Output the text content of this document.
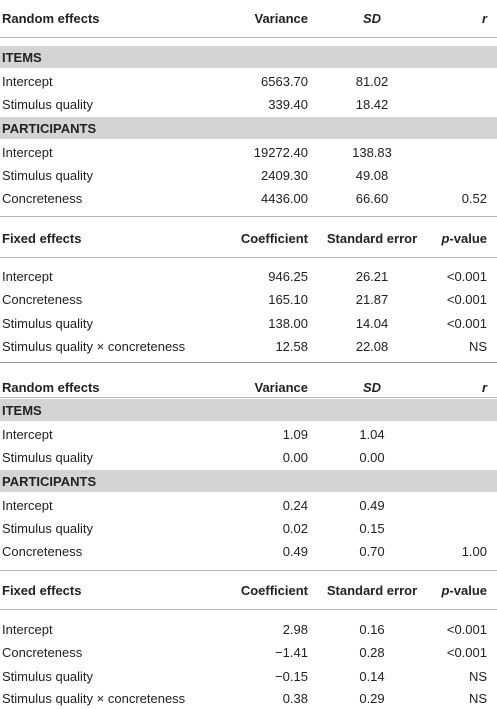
Random effects	Variance	SD	r
ITEMS
Intercept	6563.70	81.02
Stimulus quality	339.40	18.42
PARTICIPANTS
Intercept	19272.40	138.83
Stimulus quality	2409.30	49.08
Concreteness	4436.00	66.60	0.52
Fixed effects	Coefficient	Standard error	p -value
Intercept	946.25	26.21	<0.001
Concreteness	165.10	21.87	<0.001
Stimulus quality	138.00	14.04	<0.001
Stimulus quality × concreteness	12.58	22.08	NS
Random effects	Variance	SD	r
ITEMS
Intercept	1.09	1.04
Stimulus quality	0.00	0.00
PARTICIPANTS
Intercept	0.24	0.49
Stimulus quality	0.02	0.15
Concreteness	0.49	0.70	1.00
Fixed effects	Coefficient	Standard error	p -value
Intercept	2.98	0.16	<0.001
Concreteness	−1.41	0.28	<0.001
Stimulus quality	−0.15	0.14	NS
Stimulus quality × concreteness	0.38	0.29	NS
